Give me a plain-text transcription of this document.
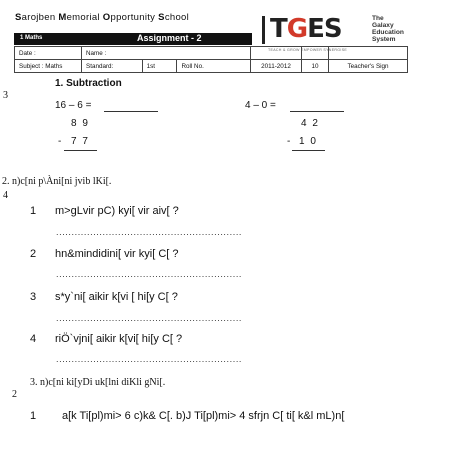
Sarojben Memorial Opportunity School	TGES	The
Galaxy
Education
System
TEACH & GROW EMPOWER SYNERGISE
1 Maths	Assignment - 2
Date :	Name :					
Subject : Maths	Standard:	1st	Roll No.	2011-2012	10	Teacher's Sign
1. Subtraction
3
16 – 6 =	4 – 0 =
8 9
- 7 7
4 2
- 1 0
2. n)c[ni p\Àni[ni jvib lKi[.
4
1 m>gLvir pC) kyi[ vir aiv[ ?
............................................................
2 hn&mindidini[ vir kyi[ C[ ?
............................................................
3 s*y`ni[ aikir k[vi [ hi[y C[ ?
............................................................
4 riÖ`vjni[ aikir k[vi[ hi[y C[ ?
............................................................
3. n)c[ni ki[yDi uk[lni diKli gNi[.
2
1 a[k Ti[pl)mi> 6 c)k& C[. b)J Ti[pl)mi> 4 sfrjn C[ ti[ k&l mL)n[
